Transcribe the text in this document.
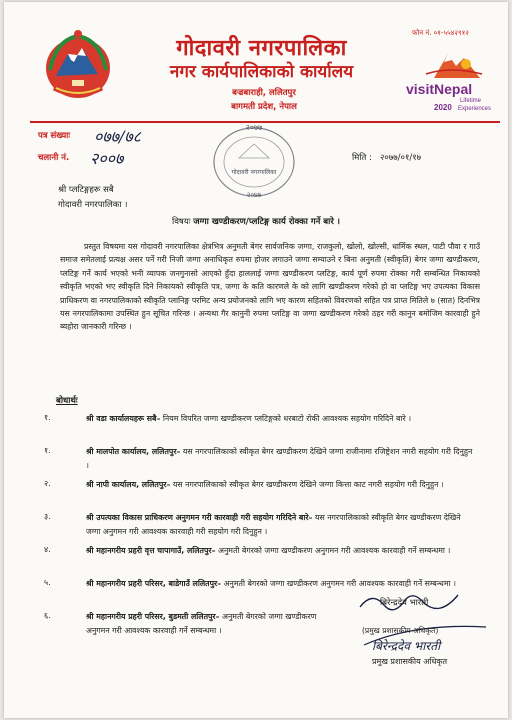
गोदावरी नगरपालिका
नगर कार्यपालिकाको कार्यालय
बज्रबाराही, ललितपुर
बागमती प्रदेश, नेपाल
फोन नं. ०१-५५४२९१२
visitNepal
Lifetime
2020 Experiences
पत्र संख्याः ०७७/७८
चलानी नं. २००७
२०७७
गोदावरी नगरपालिका
२०७७
मिति : २०७७/०१/१७
श्री प्लटिङ्गहरू सबै
गोदावरी नगरपालिका ।
विषयः जग्गा खण्डीकरण/प्लटिङ्ग कार्य रोक्का गर्ने बारे ।
प्रस्तुत विषयमा यस गोदावरी नगरपालिका क्षेत्रभित्र अनुमती बेगर सार्वजनिक जग्गा, राजकुलो, खोलो, खोल्सी, धार्मिक स्थल, पाटी पौवा र गाउँ समाज समेतलाई प्रत्यक्ष असर पर्ने गरी निजी जग्गा अनाधिकृत रुपमा होजर लगाउने जग्गा सम्याउने र बिना अनुमती (स्वीकृति) बेगर जग्गा खण्डीकरण, प्लटिङ्ग गर्ने कार्य भएको भनी व्यापक जनगुनासो आएको हुँदा हाललाई जग्गा खण्डीकरण प्लटिङ्ग, कार्य पूर्ण रुपमा रोक्का गरी सम्बन्धित निकायको स्वीकृति भएको भए स्वीकृति दिने निकायको स्वीकृति पत्र, जग्गा के कति कारणले के को लागि खण्डीकरण गरेको हो वा प्लटिङ्ग भए उपत्यका विकास प्राधिकरण वा नगरपालिकाको स्वीकृति प्लानिङ्ग परमिट अन्य प्रयोजनको लागि भए कारण सहितको विवरणको सहित पत्र प्राप्त मितिले ७ (सात) दिनभित्र यस नगरपालिकामा उपस्थित हुन सूचित गरिन्छ । अन्यथा गैर कानुनी रुपमा प्लटिङ्ग वा जग्गा खण्डीकरण गरेको ठहर गरी कानुन बमोजिम कारवाही हुने ब्यहोरा जानकारी गरिन्छ ।
बोधार्थः
१.	श्री वडा कार्यालयहरू सबै– नियम विपरित जग्गा खण्डीकरण प्लटिङ्गको धरबाटो रोकी आवश्यक सहयोग गरिदिने बारे ।
१.	श्री मालपोत कार्यालय, ललितपुर– यस नगरपालिकाको स्वीकृत बेगर खण्डीकरण देखिने जग्गा राजीनामा रजिष्ट्रेशन नगरी सहयोग गरी दिनुहुन ।
२.	श्री नापी कार्यालय, ललितपुर– यस नगरपालिकाको स्वीकृत बेगर खण्डीकरण देखिने जग्गा कित्ता काट नगरी सहयोग गरी दिनुहुन ।
३.	श्री उपत्यका विकास प्राधिकरण अनुगमन गरी कारवाही गरी सहयोग गरिदिने बारे– यस नगरपालिकाको स्वीकृति बेगर खण्डीकरण देखिने जग्गा अनुगमन गरी आवश्यक कारवाही गरी सहयोग गरी दिनुहुन ।
४.	श्री महानगरीय प्रहरी वृत्त चापागाउँ, ललितपुर– अनुमती बेगरको जग्गा खण्डीकरण अनुगमन गरी आवश्यक कारवाही गर्ने सम्बन्धमा ।
५.	श्री महानगरीय प्रहरी परिसर, बाडेगाउँ ललितपुर– अनुमती बेगरको जग्गा खण्डीकरण अनुगमन गरी आवश्यक कारवाही गर्ने सम्बन्धमा ।
६.	श्री महानगरीय प्रहरी परिसर, बुडमती ललितपुर– अनुमती बेगरको जग्गा खण्डीकरण अनुगमन गरी आवश्यक कारवाही गर्ने सम्बन्धमा ।
बिरेन्द्रदेव भारती
(प्रमुख प्रशासकीय अधिकृत)
बिरेन्द्रदेव भारती
प्रमुख प्रशासकीय अधिकृत
